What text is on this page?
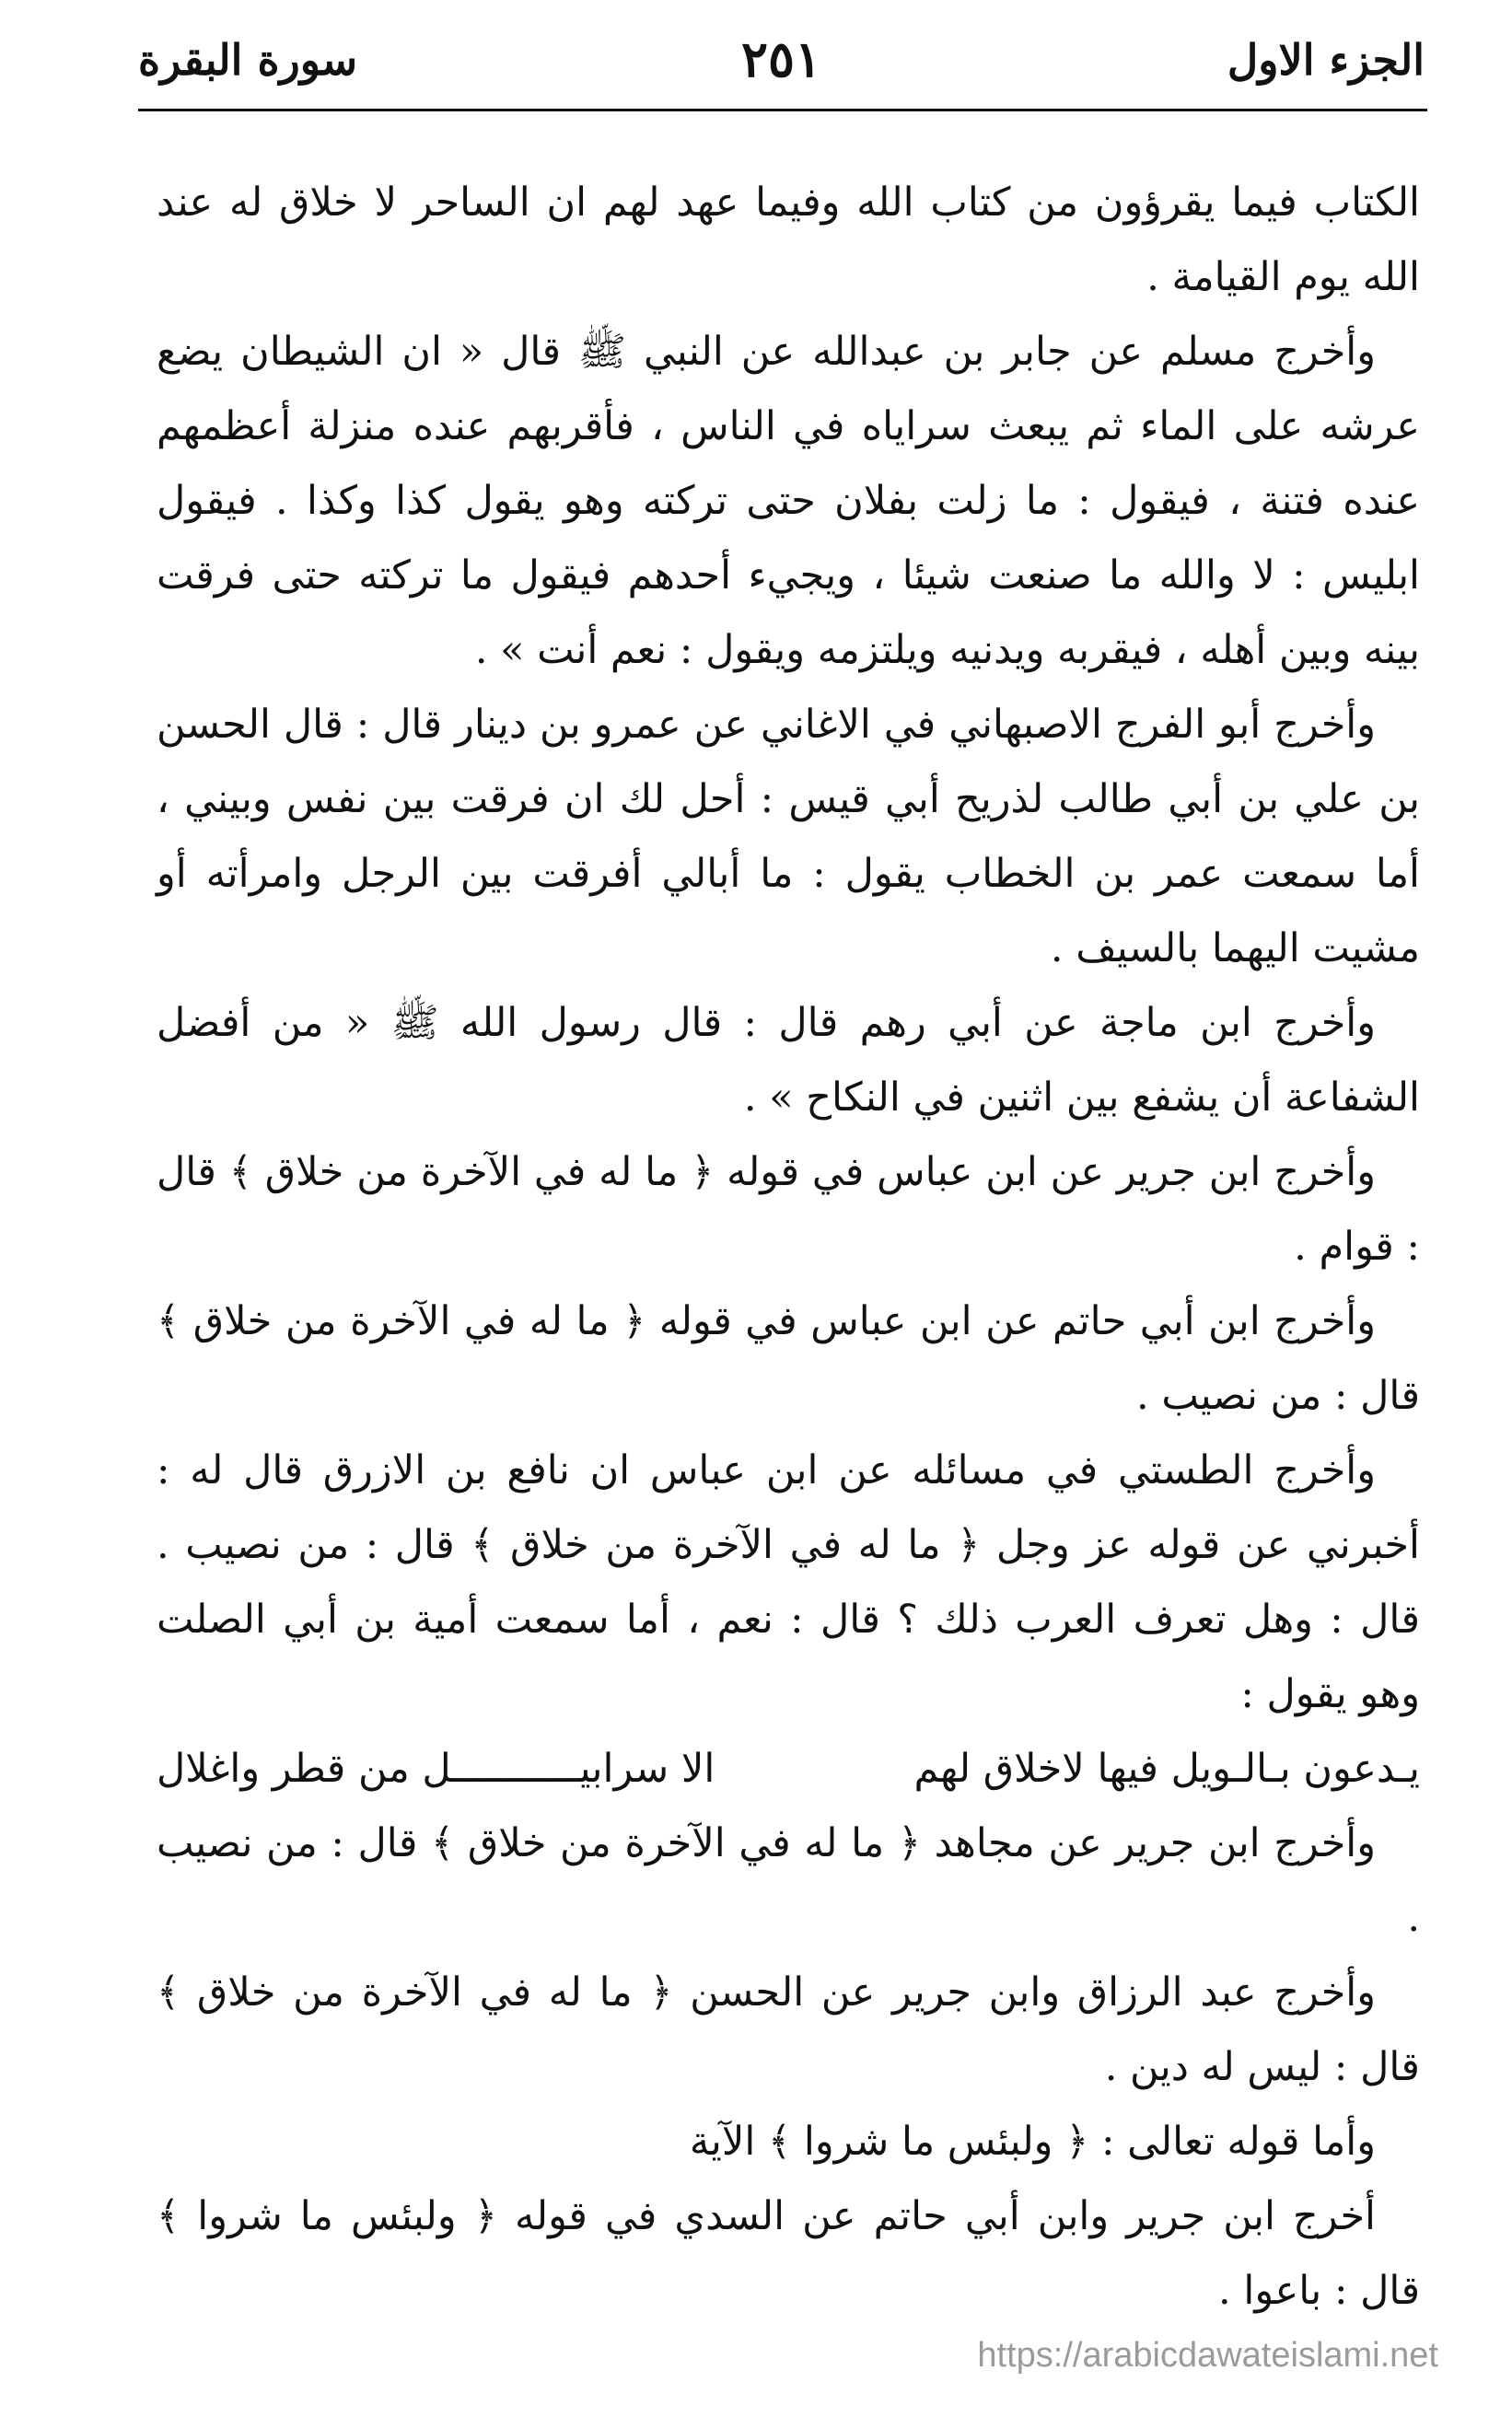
الجزء الاول
٢٥١
سورة البقرة

الكتاب فيما يقرؤون من كتاب الله وفيما عهد لهم ان الساحر لا خلاق له عند الله يوم القيامة .

وأخرج مسلم عن جابر بن عبدالله عن النبي ﷺ قال « ان الشيطان يضع عرشه على الماء ثم يبعث سراياه في الناس ، فأقربهم عنده منزلة أعظمهم عنده فتنة ، فيقول : ما زلت بفلان حتى تركته وهو يقول كذا وكذا . فيقول ابليس : لا والله ما صنعت شيئا ، ويجيء أحدهم فيقول ما تركته حتى فرقت بينه وبين أهله ، فيقربه ويدنيه ويلتزمه ويقول : نعم أنت » .

وأخرج أبو الفرج الاصبهاني في الاغاني عن عمرو بن دينار قال : قال الحسن بن علي بن أبي طالب لذريح أبي قيس : أحل لك ان فرقت بين نفس وبيني ، أما سمعت عمر بن الخطاب يقول : ما أبالي أفرقت بين الرجل وامرأته أو مشيت اليهما بالسيف .

وأخرج ابن ماجة عن أبي رهم قال : قال رسول الله ﷺ « من أفضل الشفاعة أن يشفع بين اثنين في النكاح » .

وأخرج ابن جرير عن ابن عباس في قوله ﴿ ما له في الآخرة من خلاق ﴾ قال : قوام .

وأخرج ابن أبي حاتم عن ابن عباس في قوله ﴿ ما له في الآخرة من خلاق ﴾ قال : من نصيب .

وأخرج الطستي في مسائله عن ابن عباس ان نافع بن الازرق قال له : أخبرني عن قوله عز وجل ﴿ ما له في الآخرة من خلاق ﴾ قال : من نصيب . قال : وهل تعرف العرب ذلك ؟ قال : نعم ، أما سمعت أمية بن أبي الصلت وهو يقول :

يـدعون بـالـويل فيها لاخلاق لهم
الا سرابيـــــــــــل من قطر واغلال

وأخرج ابن جرير عن مجاهد ﴿ ما له في الآخرة من خلاق ﴾ قال : من نصيب .

وأخرج عبد الرزاق وابن جرير عن الحسن ﴿ ما له في الآخرة من خلاق ﴾ قال : ليس له دين .

وأما قوله تعالى : ﴿ ولبئس ما شروا ﴾ الآية

أخرج ابن جرير وابن أبي حاتم عن السدي في قوله ﴿ ولبئس ما شروا ﴾ قال : باعوا .

https://arabicdawateislami.net
